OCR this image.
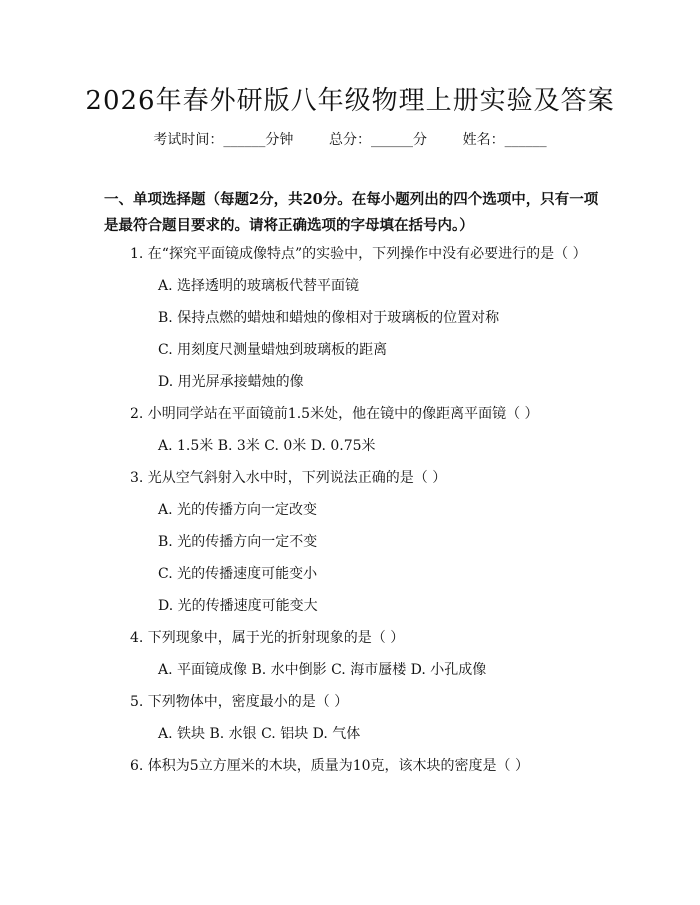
2026年春外研版八年级物理上册实验及答案
考试时间：______分钟	总分：______分	姓名：______

一、单项选择题（每题2分，共20分。在每小题列出的四个选项中，只有一项是最符合题目要求的。请将正确选项的字母填在括号内。）

1. 在“探究平面镜成像特点”的实验中，下列操作中没有必要进行的是（ ）
A. 选择透明的玻璃板代替平面镜
B. 保持点燃的蜡烛和蜡烛的像相对于玻璃板的位置对称
C. 用刻度尺测量蜡烛到玻璃板的距离
D. 用光屏承接蜡烛的像
2. 小明同学站在平面镜前1.5米处，他在镜中的像距离平面镜（ ）
A. 1.5米 B. 3米 C. 0米 D. 0.75米
3. 光从空气斜射入水中时，下列说法正确的是（ ）
A. 光的传播方向一定改变
B. 光的传播方向一定不变
C. 光的传播速度可能变小
D. 光的传播速度可能变大
4. 下列现象中，属于光的折射现象的是（ ）
A. 平面镜成像 B. 水中倒影 C. 海市蜃楼 D. 小孔成像
5. 下列物体中，密度最小的是（ ）
A. 铁块 B. 水银 C. 铝块 D. 气体
6. 体积为5立方厘米的木块，质量为10克，该木块的密度是（ ）
